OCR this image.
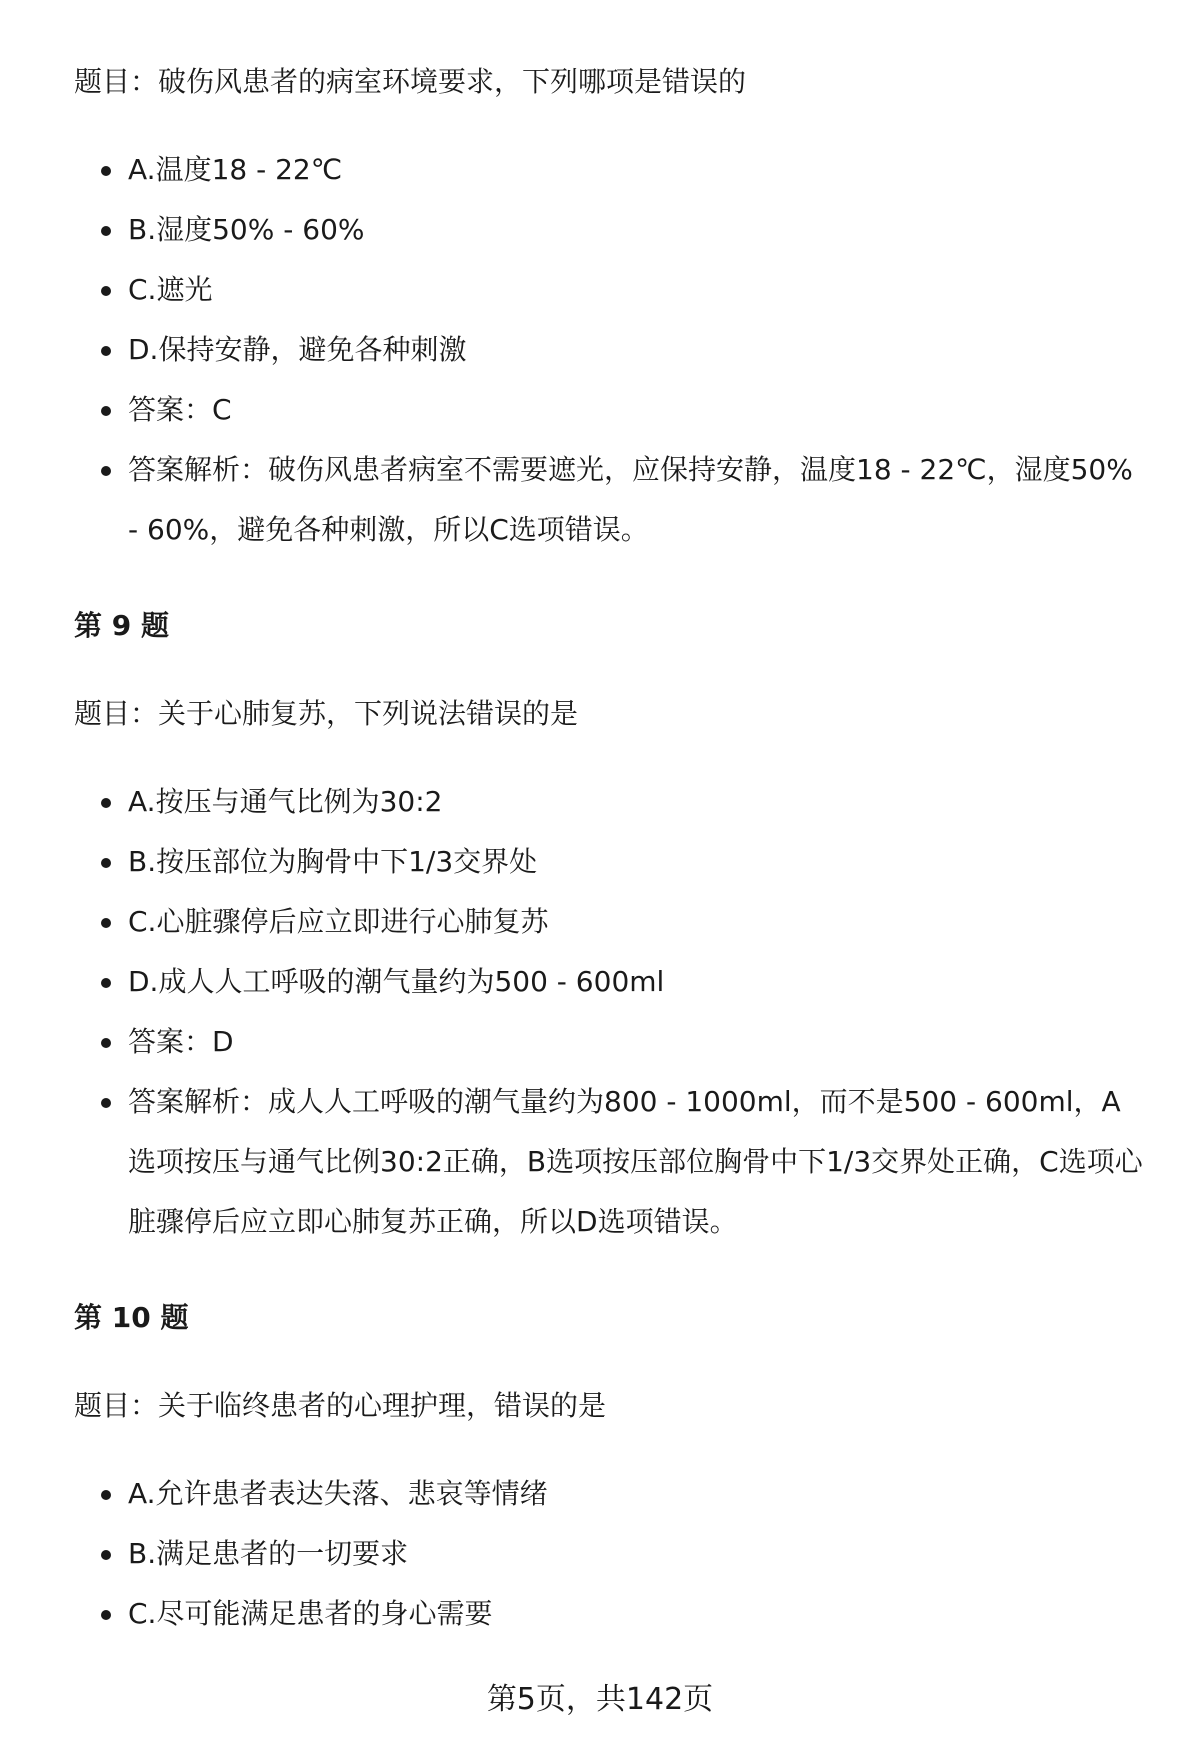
题目：破伤风患者的病室环境要求，下列哪项是错误的

A.温度18 - 22℃
B.湿度50% - 60%
C.遮光
D.保持安静，避免各种刺激
答案：C
答案解析：破伤风患者病室不需要遮光，应保持安静，温度18 - 22℃，湿度50% - 60%，避免各种刺激，所以C选项错误。

第 9 题

题目：关于心肺复苏，下列说法错误的是

A.按压与通气比例为30:2
B.按压部位为胸骨中下1/3交界处
C.心脏骤停后应立即进行心肺复苏
D.成人人工呼吸的潮气量约为500 - 600ml
答案：D
答案解析：成人人工呼吸的潮气量约为800 - 1000ml，而不是500 - 600ml，A选项按压与通气比例30:2正确，B选项按压部位胸骨中下1/3交界处正确，C选项心脏骤停后应立即心肺复苏正确，所以D选项错误。

第 10 题

题目：关于临终患者的心理护理，错误的是

A.允许患者表达失落、悲哀等情绪
B.满足患者的一切要求
C.尽可能满足患者的身心需要
第5页，共142页
